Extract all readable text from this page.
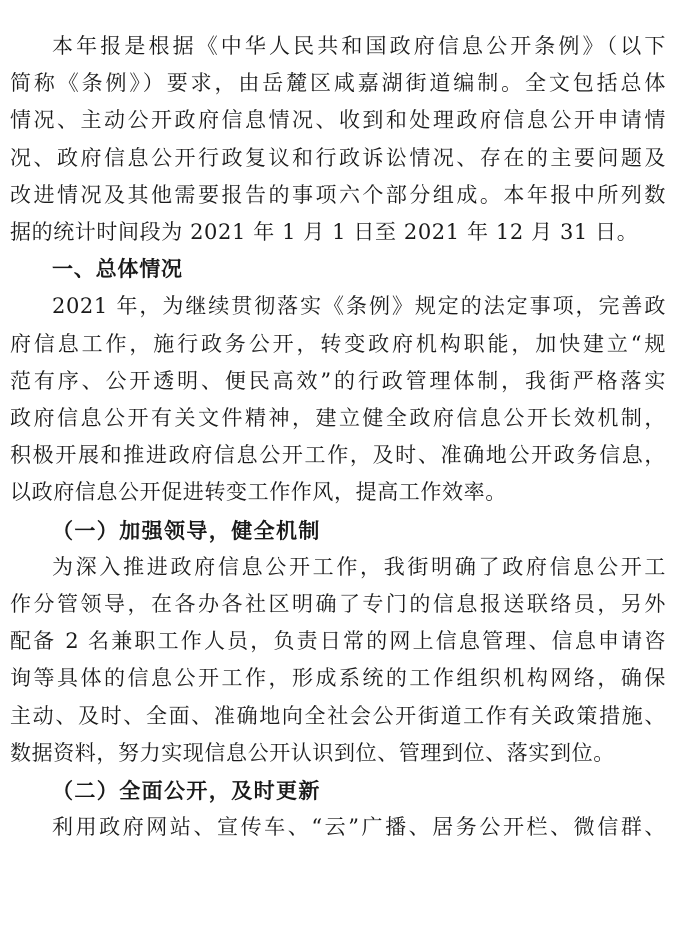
本年报是根据《中华人民共和国政府信息公开条例》（以下
简称《条例》）要求，由岳麓区咸嘉湖街道编制。全文包括总体
情况、主动公开政府信息情况、收到和处理政府信息公开申请情
况、政府信息公开行政复议和行政诉讼情况、存在的主要问题及
改进情况及其他需要报告的事项六个部分组成。本年报中所列数
据的统计时间段为 2021 年 1 月 1 日至 2021 年 12 月 31 日。
一、总体情况
2021 年，为继续贯彻落实《条例》规定的法定事项，完善政
府信息工作，施行政务公开，转变政府机构职能，加快建立“规
范有序、公开透明、便民高效”的行政管理体制，我街严格落实
政府信息公开有关文件精神，建立健全政府信息公开长效机制，
积极开展和推进政府信息公开工作，及时、准确地公开政务信息，
以政府信息公开促进转变工作作风，提高工作效率。
（一）加强领导，健全机制
为深入推进政府信息公开工作，我街明确了政府信息公开工
作分管领导，在各办各社区明确了专门的信息报送联络员，另外
配备 2 名兼职工作人员，负责日常的网上信息管理、信息申请咨
询等具体的信息公开工作，形成系统的工作组织机构网络，确保
主动、及时、全面、准确地向全社会公开街道工作有关政策措施、
数据资料，努力实现信息公开认识到位、管理到位、落实到位。
（二）全面公开，及时更新
利用政府网站、宣传车、“云”广播、居务公开栏、微信群、
